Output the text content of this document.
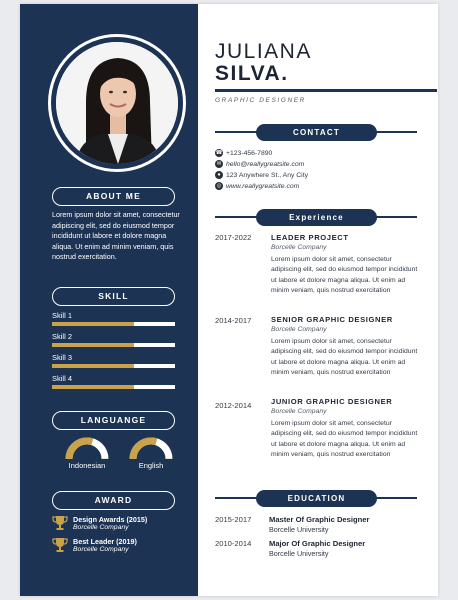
ABOUT ME
Lorem ipsum dolor sit amet, consectetur adipiscing elit, sed do eiusmod tempor incididunt ut labore et dolore magna aliqua. Ut enim ad minim veniam, quis nostrud exercitation.
SKILL
Skill 1
Skill 2
Skill 3
Skill 4
LANGUANGE
Indonesian	English
AWARD
Design Awards (2015)
Borcelle Company
Best Leader (2019)
Borcelle Company
JULIANA
SILVA.
GRAPHIC DESIGNER
CONTACT
☎ +123-456-7890
✉ hello@reallygreatsite.com
● 123 Anywhere St., Any City
◎ www.reallygreatsite.com
Experience
2017-2022	LEADER PROJECT
Borcelle Company
Lorem ipsum dolor sit amet, consectetur adipiscing elit, sed do eiusmod tempor incididunt ut labore et dolore magna aliqua. Ut enim ad minim veniam, quis nostrud exercitation
2014-2017	SENIOR GRAPHIC DESIGNER
Borcelle Company
Lorem ipsum dolor sit amet, consectetur adipiscing elit, sed do eiusmod tempor incididunt ut labore et dolore magna aliqua. Ut enim ad minim veniam, quis nostrud exercitation
2012-2014	JUNIOR GRAPHIC DESIGNER
Borcelle Company
Lorem ipsum dolor sit amet, consectetur adipiscing elit, sed do eiusmod tempor incididunt ut labore et dolore magna aliqua. Ut enim ad minim veniam, quis nostrud exercitation
EDUCATION
2015-2017 Master Of Graphic Designer
Borcelle University
2010-2014 Major Of Graphic Designer
Borcelle University
